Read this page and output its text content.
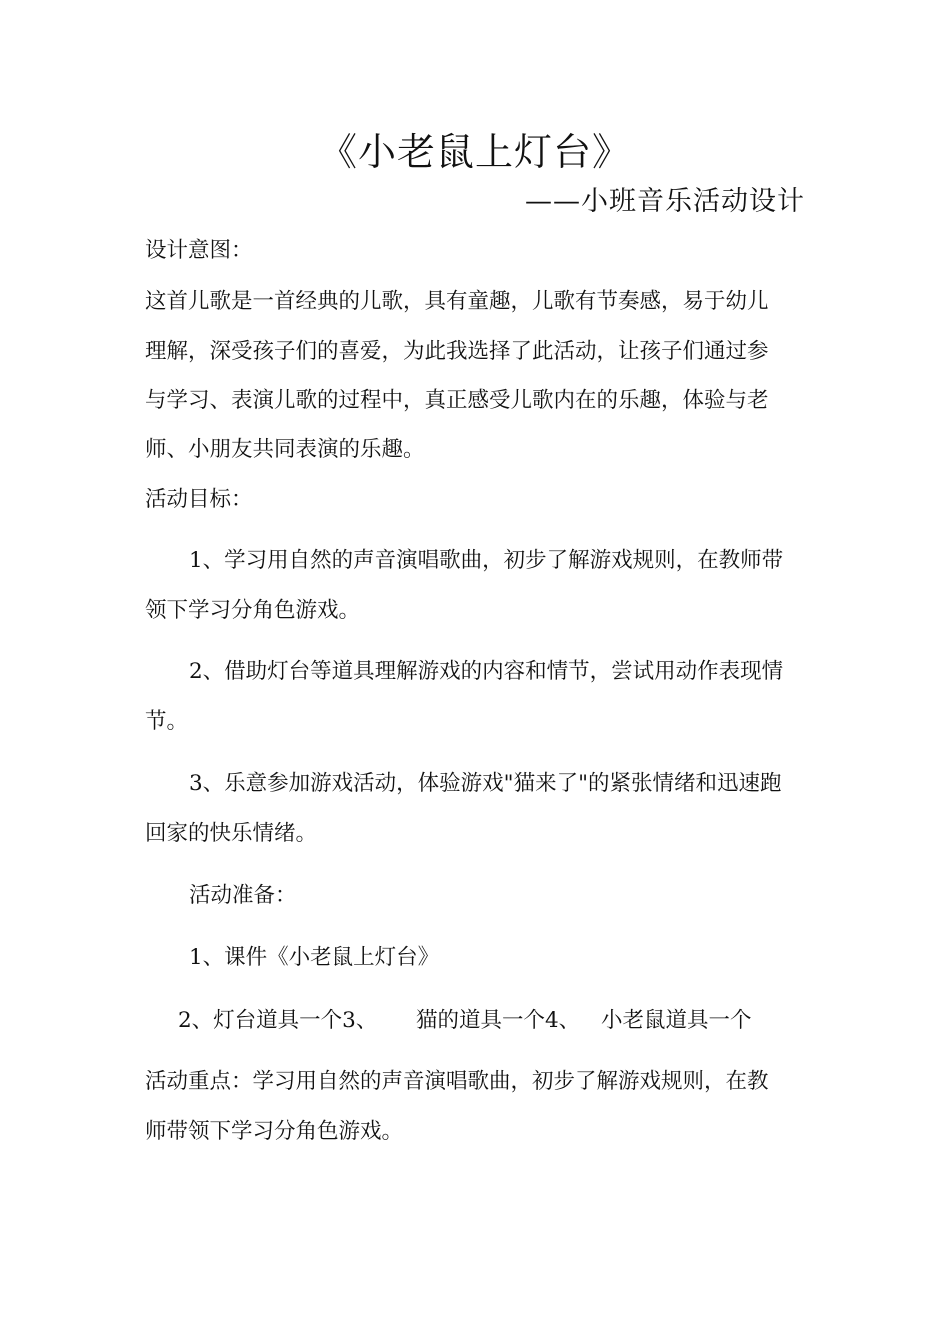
《小老鼠上灯台》
——小班音乐活动设计
设计意图：
这首儿歌是一首经典的儿歌，具有童趣，儿歌有节奏感，易于幼儿
理解，深受孩子们的喜爱，为此我选择了此活动，让孩子们通过参
与学习、表演儿歌的过程中，真正感受儿歌内在的乐趣，体验与老
师、小朋友共同表演的乐趣。
活动目标：
1、学习用自然的声音演唱歌曲，初步了解游戏规则，在教师带
领下学习分角色游戏。
2、借助灯台等道具理解游戏的内容和情节，尝试用动作表现情
节。
3、乐意参加游戏活动，体验游戏"猫来了"的紧张情绪和迅速跑
回家的快乐情绪。
活动准备：
1、课件《小老鼠上灯台》
2、灯台道具一个3、 猫的道具一个4、 小老鼠道具一个
活动重点：学习用自然的声音演唱歌曲，初步了解游戏规则，在教
师带领下学习分角色游戏。
